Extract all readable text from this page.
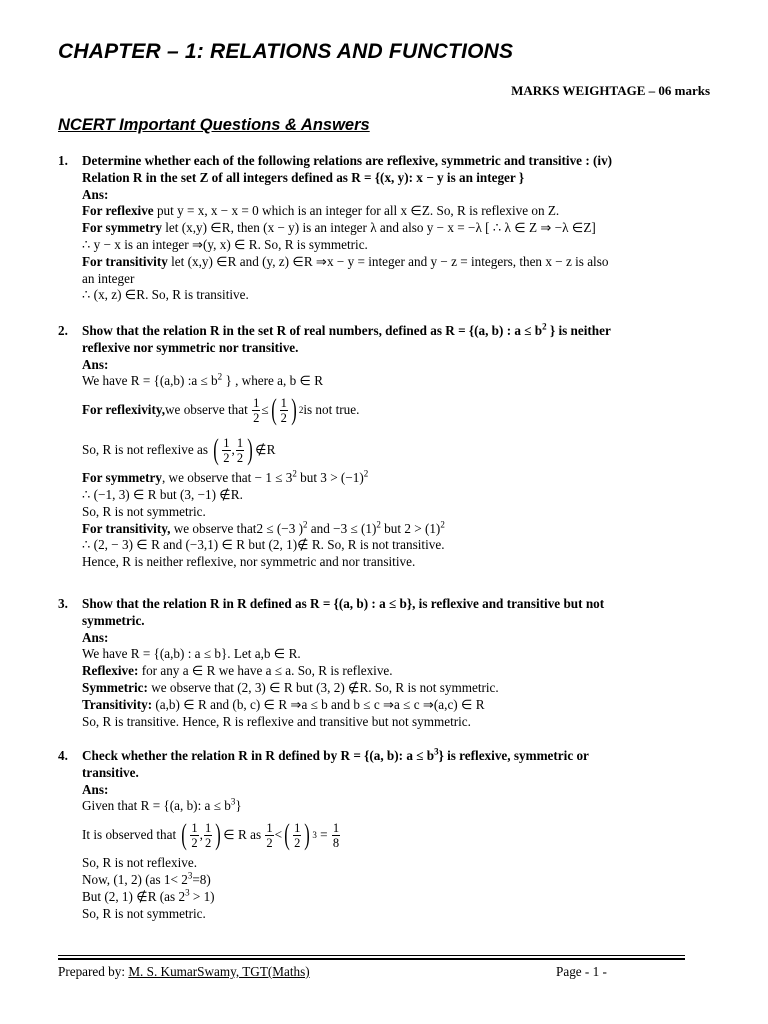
CHAPTER – 1: RELATIONS AND FUNCTIONS
MARKS WEIGHTAGE – 06 marks
NCERT Important Questions & Answers
1.	Determine whether each of the following relations are reflexive, symmetric and transitive : (iv)
Relation R in the set Z of all integers defined as R = {(x, y): x − y is an integer }
Ans:
For reflexive put y = x, x − x = 0 which is an integer for all x ∈Z. So, R is reflexive on Z.
For symmetry let (x,y) ∈R, then (x − y) is an integer λ and also y − x = −λ [ ∴ λ ∈ Z ⇒ −λ ∈Z]
∴ y − x is an integer ⇒(y, x) ∈ R. So, R is symmetric.
For transitivity let (x,y) ∈R and (y, z) ∈R ⇒x − y = integer and y − z = integers, then x − z is also
an integer
∴ (x, z) ∈R. So, R is transitive.
2.	Show that the relation R in the set R of real numbers, defined as R = {(a, b) : $a \le b^2$ } is neither
reflexive nor symmetric nor transitive.
Ans:
We have R = {(a,b) :a ≤ $b^2$ } , where a, b ∈ R
For reflexivity, we observe that
$\frac{1}{2}$ ≤ ( $\frac{1}{2}$ ) 2 is not true.
So, R is not reflexive as
( $\frac{1}{2}$ , $\frac{1}{2}$ ) ∉R
For symmetry, we observe that − $1 \le 3^2$ but $3 > (-1)^2$
∴ (−1, 3) ∈ R but (3, −1) ∉R.
So, R is not symmetric.
For transitivity, we observe that2 ≤ (−3 )$^2$ and $-3 \le (1)^2$ but $2 > (1)^2$
∴ (2, − 3) ∈ R and (−3,1) ∈ R but (2, 1)∉ R. So, R is not transitive.
Hence, R is neither reflexive, nor symmetric and nor transitive.
3.	Show that the relation R in R defined as R = {(a, b) : a ≤ b}, is reflexive and transitive but not
symmetric.
Ans:
We have R = {(a,b) : a ≤ b}. Let a,b ∈ R.
Reflexive: for any a ∈ R we have a ≤ a. So, R is reflexive.
Symmetric: we observe that (2, 3) ∈ R but (3, 2) ∉R. So, R is not symmetric.
Transitivity: (a,b) ∈ R and (b, c) ∈ R ⇒a ≤ b and b ≤ c ⇒a ≤ c ⇒(a,c) ∈ R
So, R is transitive. Hence, R is reflexive and transitive but not symmetric.
4.	Check whether the relation R in R defined by R = {(a, b): $a \le b^3$} is reflexive, symmetric or
transitive.
Ans:
Given that R = {(a, b): $a \le b^3$}
It is observed that
( $\frac{1}{2}$ , $\frac{1}{2}$ ) ∈ R as
$\frac{1}{2}$ < ( $\frac{1}{2}$ ) 3
=
$\frac{1}{8}$
So, R is not reflexive.
Now, (1, 2) (as $1< 2^3=8$)
But (2, 1) ∉R (as $2^3 > 1$)
So, R is not symmetric.
Prepared by: M. S. KumarSwamy, TGT(Maths)	Page - 1 -
